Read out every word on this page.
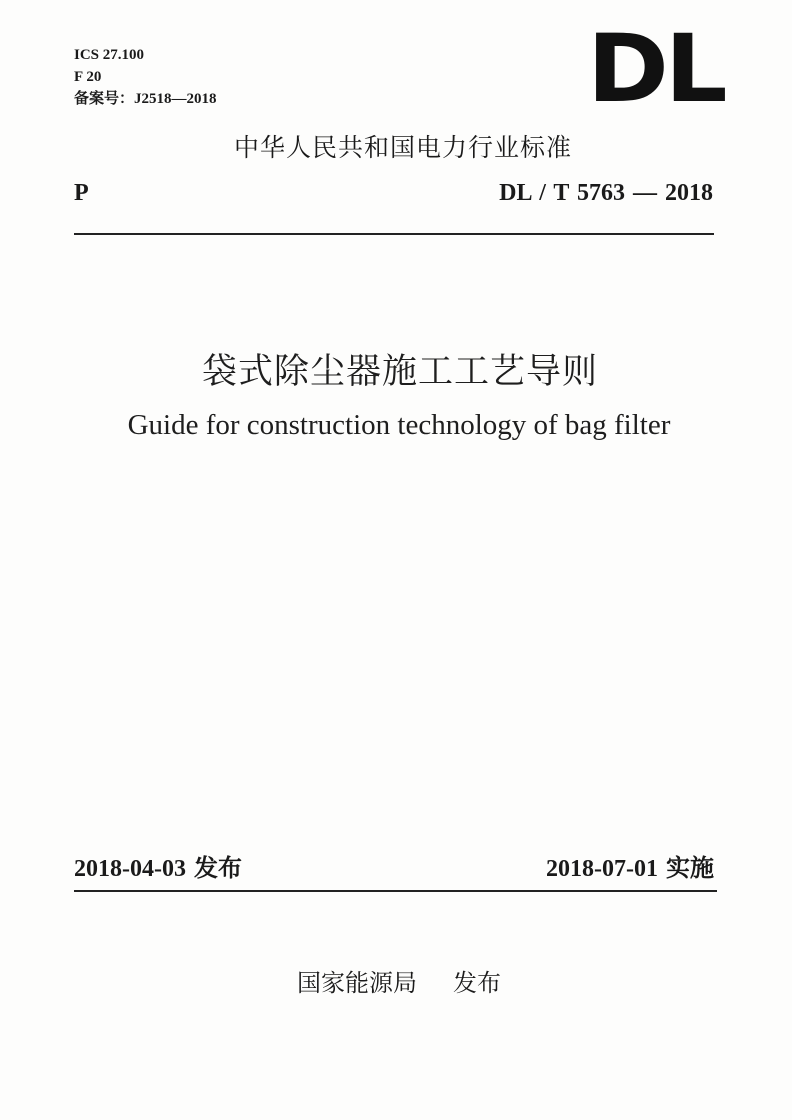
ICS 27.100
F 20
备案号：J2518—2018	DL
中华人民共和国电力行业标准
P	DL / T 5763 — 2018
袋式除尘器施工工艺导则
Guide for construction technology of bag filter
2018-04-03 发布	2018-07-01 实施
国家能源局 发布
